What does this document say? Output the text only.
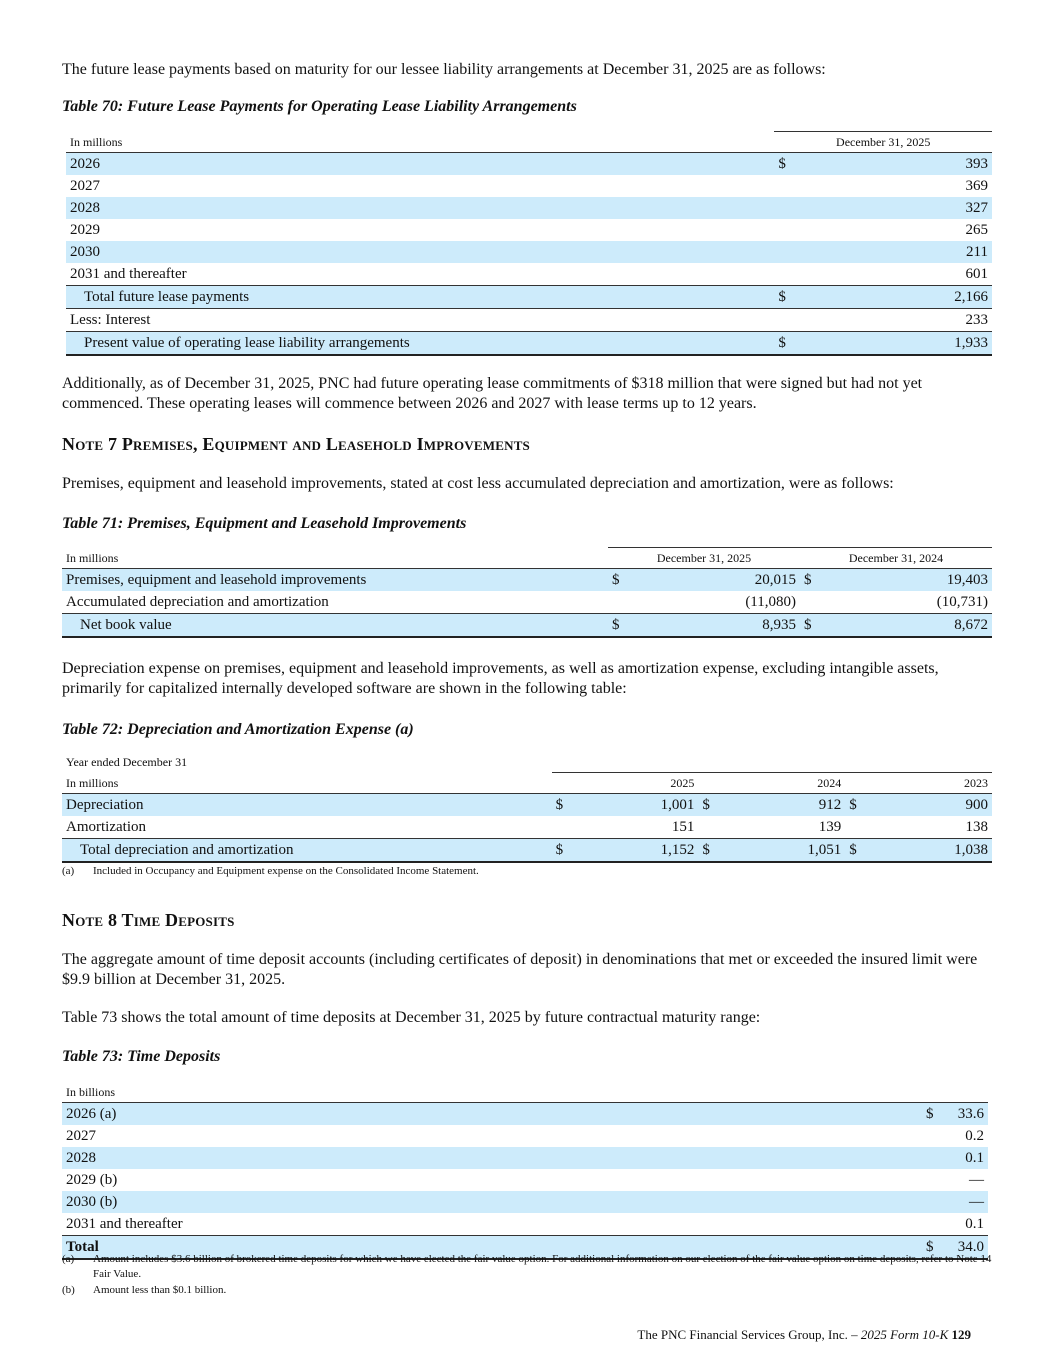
The future lease payments based on maturity for our lessee liability arrangements at December 31, 2025 are as follows:

Table 70: Future Lease Payments for Operating Lease Liability Arrangements

In millions	December 31, 2025	
2026	$	393
2027		369
2028		327
2029		265
2030		211
2031 and thereafter		601
Total future lease payments	$	2,166
Less: Interest		233
Present value of operating lease liability arrangements	$	1,933

Additionally, as of December 31, 2025, PNC had future operating lease commitments of $318 million that were signed but had not yet commenced. These operating leases will commence between 2026 and 2027 with lease terms up to 12 years.

Note 7 Premises, Equipment and Leasehold Improvements

Premises, equipment and leasehold improvements, stated at cost less accumulated depreciation and amortization, were as follows:

Table 71: Premises, Equipment and Leasehold Improvements

In millions	December 31, 2025		December 31, 2024	
Premises, equipment and leasehold improvements	$	20,015	$	19,403
Accumulated depreciation and amortization		(11,080)		(10,731)
Net book value	$	8,935	$	8,672

Depreciation expense on premises, equipment and leasehold improvements, as well as amortization expense, excluding intangible assets, primarily for capitalized internally developed software are shown in the following table:

Table 72: Depreciation and Amortization Expense (a)

Year ended December 31
In millions	2025		2024		2023	
Depreciation	$	1,001	$	912	$	900
Amortization		151		139		138
Total depreciation and amortization	$	1,152	$	1,051	$	1,038
(a) Included in Occupancy and Equipment expense on the Consolidated Income Statement.

Note 8 Time Deposits

The aggregate amount of time deposit accounts (including certificates of deposit) in denominations that met or exceeded the insured limit were $9.9 billion at December 31, 2025.

Table 73 shows the total amount of time deposits at December 31, 2025 by future contractual maturity range:

Table 73: Time Deposits

In billions		
2026 (a)	$	33.6
2027		0.2
2028		0.1
2029 (b)		—
2030 (b)		—
2031 and thereafter		0.1
Total	$	34.0
(a) Amount includes $3.6 billion of brokered time deposits for which we have elected the fair value option. For additional information on our election of the fair value option on time deposits, refer to Note 14 Fair Value.
(b) Amount less than $0.1 billion.
The PNC Financial Services Group, Inc. – 2025 Form 10-K 129
